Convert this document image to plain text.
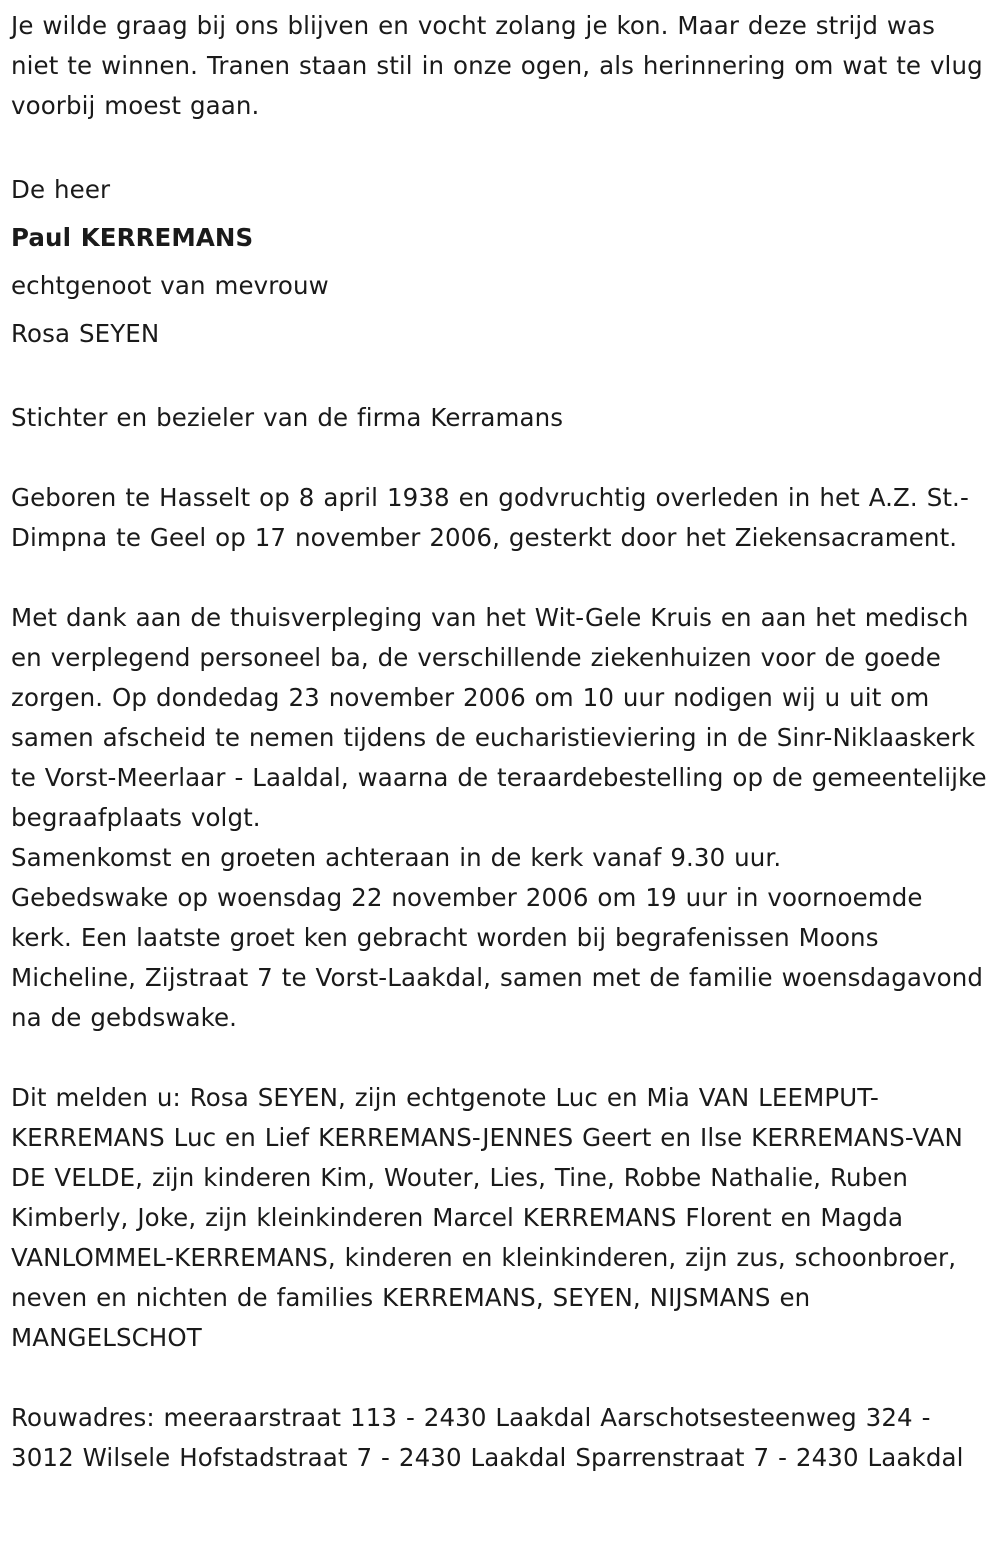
Je wilde graag bij ons blijven en vocht zolang je kon. Maar deze strijd was niet te winnen. Tranen staan stil in onze ogen, als herinnering om wat te vlug voorbij moest gaan.

De heer

Paul KERREMANS

echtgenoot van mevrouw

Rosa SEYEN

Stichter en bezieler van de firma Kerramans

Geboren te Hasselt op 8 april 1938 en godvruchtig overleden in het A.Z. St.-Dimpna te Geel op 17 november 2006, gesterkt door het Ziekensacrament.

Met dank aan de thuisverpleging van het Wit-Gele Kruis en aan het medisch en verplegend personeel ba, de verschillende ziekenhuizen voor de goede zorgen. Op dondedag 23 november 2006 om 10 uur nodigen wij u uit om samen afscheid te nemen tijdens de eucharistieviering in de Sinr-Niklaaskerk te Vorst-Meerlaar - Laaldal, waarna de teraardebestelling op de gemeentelijke begraafplaats volgt.
Samenkomst en groeten achteraan in de kerk vanaf 9.30 uur.
Gebedswake op woensdag 22 november 2006 om 19 uur in voornoemde kerk. Een laatste groet ken gebracht worden bij begrafenissen Moons Micheline, Zijstraat 7 te Vorst-Laakdal, samen met de familie woensdagavond na de gebdswake.

Dit melden u: Rosa SEYEN, zijn echtgenote Luc en Mia VAN LEEMPUT-KERREMANS Luc en Lief KERREMANS-JENNES Geert en Ilse KERREMANS-VAN DE VELDE, zijn kinderen Kim, Wouter, Lies, Tine, Robbe Nathalie, Ruben Kimberly, Joke, zijn kleinkinderen Marcel KERREMANS Florent en Magda VANLOMMEL-KERREMANS, kinderen en kleinkinderen, zijn zus, schoonbroer, neven en nichten de families KERREMANS, SEYEN, NIJSMANS en MANGELSCHOT

Rouwadres: meeraarstraat 113 - 2430 Laakdal Aarschotsesteenweg 324 - 3012 Wilsele Hofstadstraat 7 - 2430 Laakdal Sparrenstraat 7 - 2430 Laakdal
